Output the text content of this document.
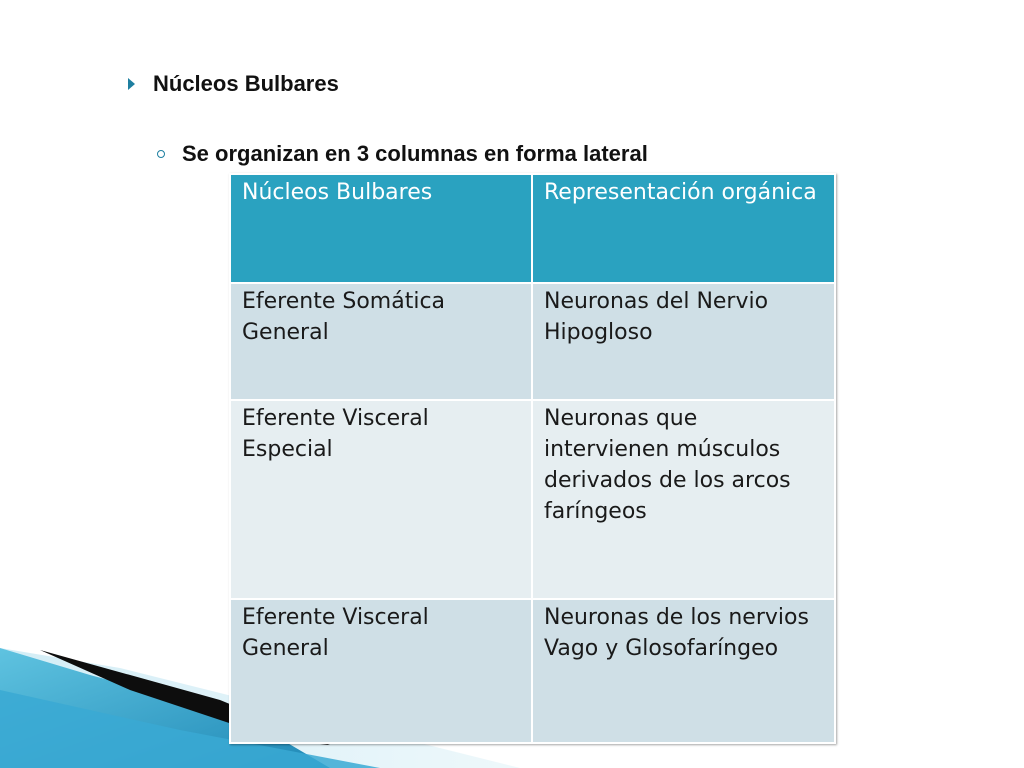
Núcleos Bulbares
Se organizan en 3 columnas en forma lateral
Núcleos Bulbares	Representación orgánica
Eferente Somática General	Neuronas del Nervio Hipogloso
Eferente Visceral Especial	Neuronas que intervienen músculos derivados de los arcos faríngeos
Eferente Visceral General	Neuronas de los nervios Vago y Glosofaríngeo
